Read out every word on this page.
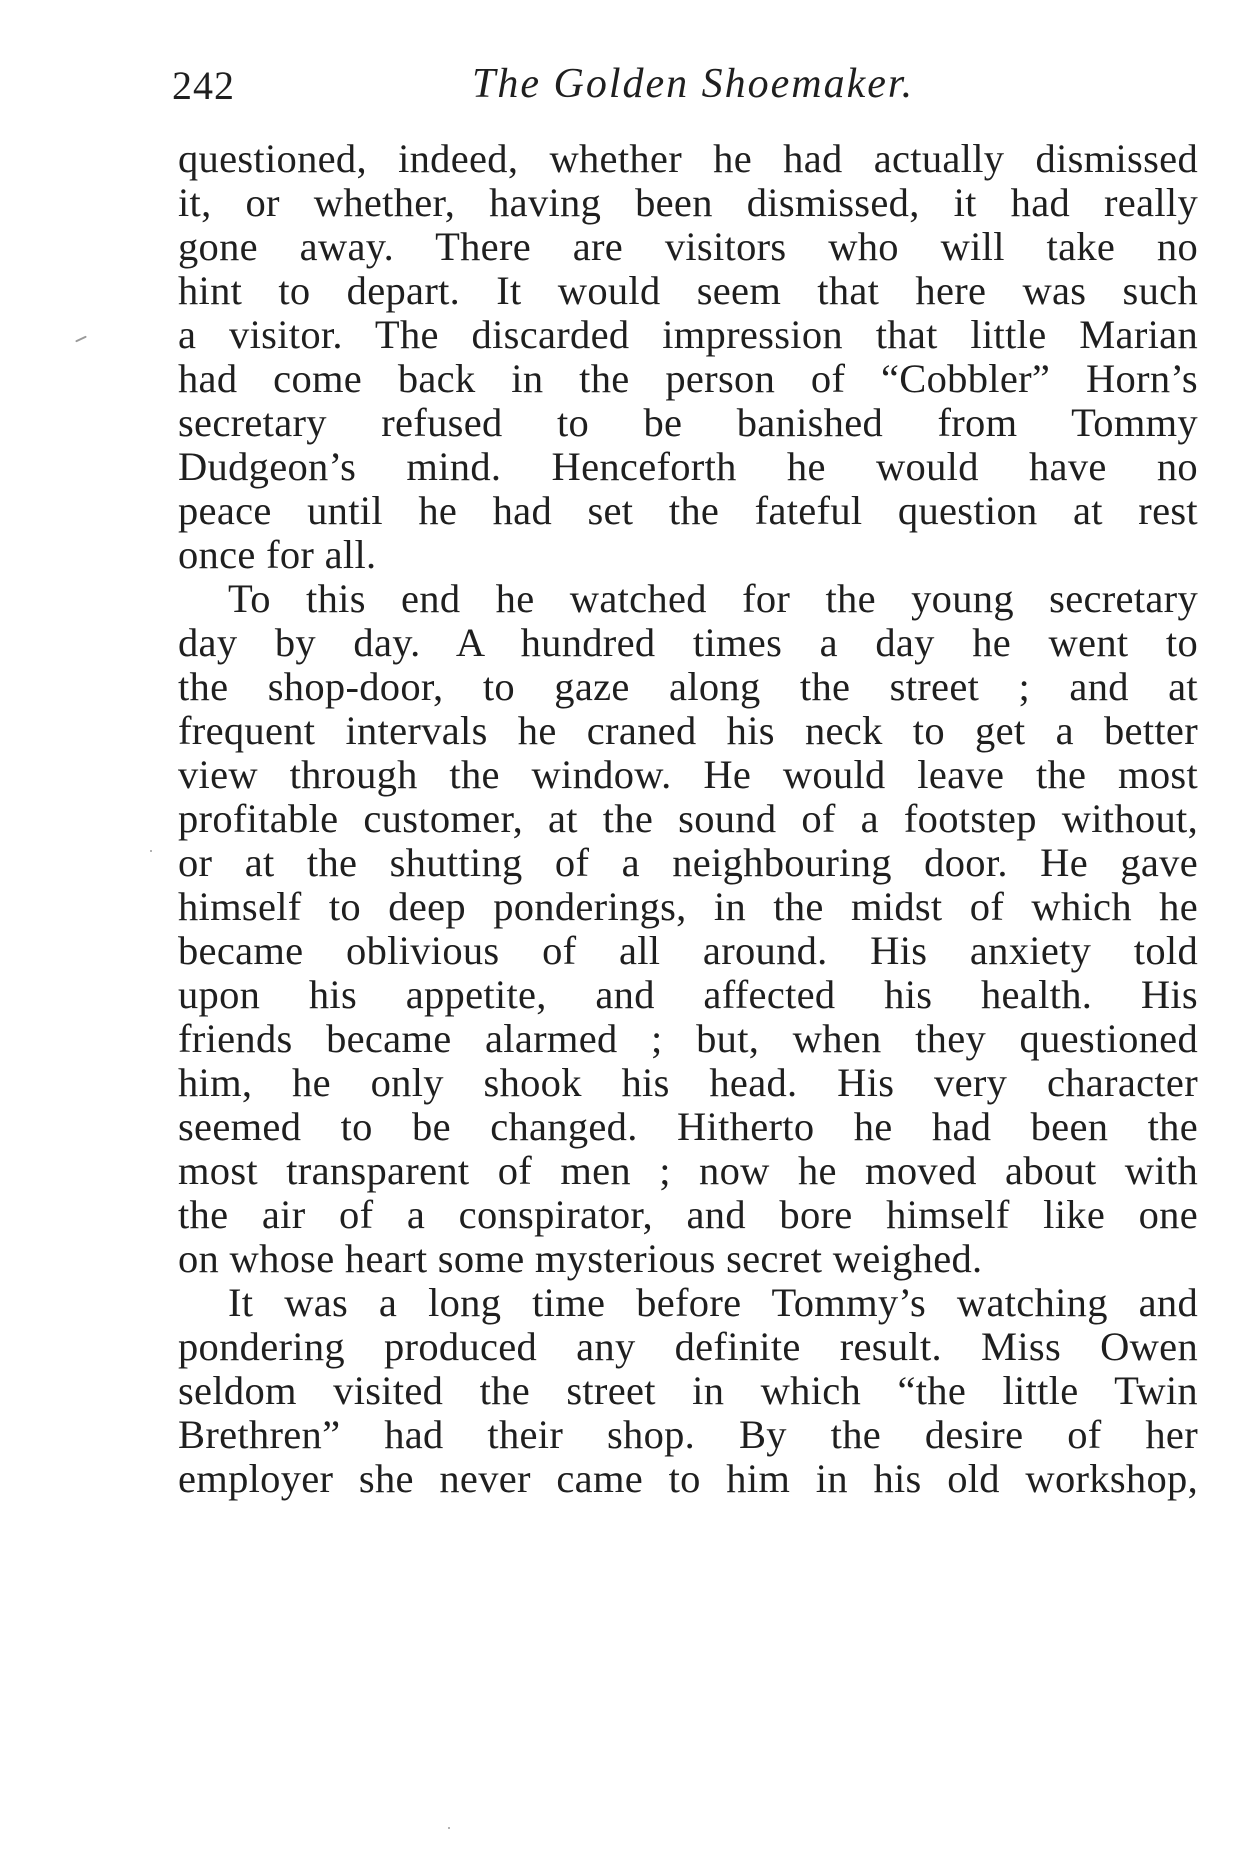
242	The Golden Shoemaker.
questioned, indeed, whether he had actually dismissed
it, or whether, having been dismissed, it had really
gone away. There are visitors who will take no
hint to depart. It would seem that here was such
a visitor. The discarded impression that little Marian
had come back in the person of “Cobbler” Horn’s
secretary refused to be banished from Tommy
Dudgeon’s mind. Henceforth he would have no
peace until he had set the fateful question at rest
once for all.
To this end he watched for the young secretary
day by day. A hundred times a day he went to
the shop-door, to gaze along the street ; and at
frequent intervals he craned his neck to get a better
view through the window. He would leave the most
profitable customer, at the sound of a footstep without,
or at the shutting of a neighbouring door. He gave
himself to deep ponderings, in the midst of which he
became oblivious of all around. His anxiety told
upon his appetite, and affected his health. His
friends became alarmed ; but, when they questioned
him, he only shook his head. His very character
seemed to be changed. Hitherto he had been the
most transparent of men ; now he moved about with
the air of a conspirator, and bore himself like one
on whose heart some mysterious secret weighed.
It was a long time before Tommy’s watching and
pondering produced any definite result. Miss Owen
seldom visited the street in which “the little Twin
Brethren” had their shop. By the desire of her
employer she never came to him in his old workshop,
